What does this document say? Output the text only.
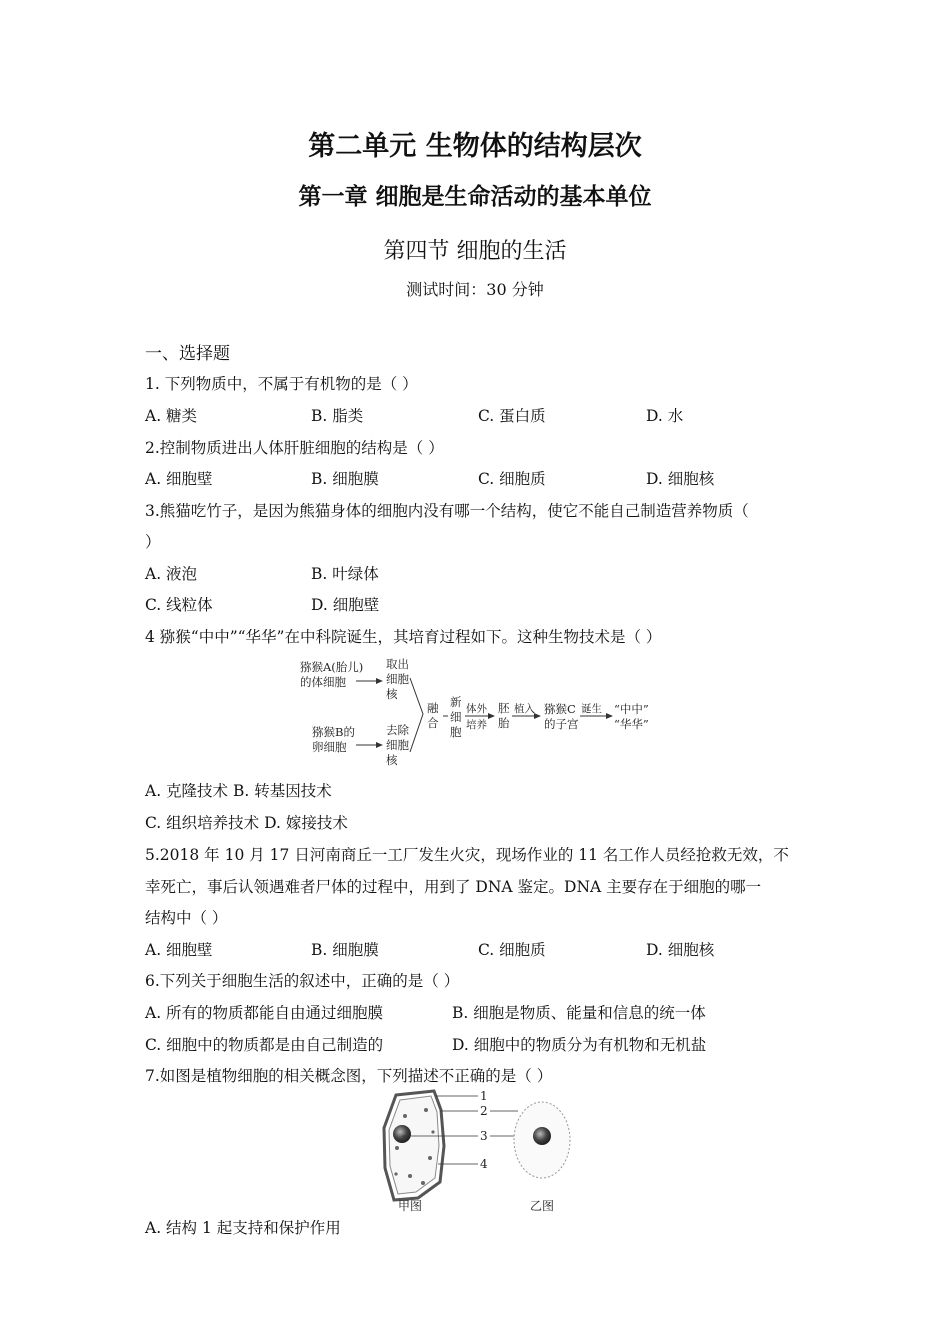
第二单元 生物体的结构层次
第一章 细胞是生命活动的基本单位
第四节 细胞的生活
测试时间：30 分钟
一、选择题
1. 下列物质中，不属于有机物的是（ ）
A. 糖类	B. 脂类	C. 蛋白质	D. 水
2.控制物质进出人体肝脏细胞的结构是（ ）
A. 细胞壁	B. 细胞膜	C. 细胞质	D. 细胞核
3.熊猫吃竹子，是因为熊猫身体的细胞内没有哪一个结构，使它不能自己制造营养物质（
）
A. 液泡	B. 叶绿体
C. 线粒体	D. 细胞壁
4 猕猴“中中”“华华”在中科院诞生，其培育过程如下。这种生物技术是（ ）
猕猴A(胎儿)
的体细胞
取出
细胞
核
猕猴B的
卵细胞
去除
细胞
核
融
合
新
细
胞
体外
培养
胚
胎
植入 猕猴C
的子宫
诞生 “中中”
“华华”
A. 克隆技术 B. 转基因技术
C. 组织培养技术 D. 嫁接技术
5.2018 年 10 月 17 日河南商丘一工厂发生火灾，现场作业的 11 名工作人员经抢救无效，不
幸死亡，事后认领遇难者尸体的过程中，用到了 DNA 鉴定。DNA 主要存在于细胞的哪一
结构中（ ）
A. 细胞壁	B. 细胞膜	C. 细胞质	D. 细胞核
6.下列关于细胞生活的叙述中，正确的是（ ）
A. 所有的物质都能自由通过细胞膜	B. 细胞是物质、能量和信息的统一体
C. 细胞中的物质都是由自己制造的	D. 细胞中的物质分为有机物和无机盐
7.如图是植物细胞的相关概念图，下列描述不正确的是（ ）
1
2
3
4
甲图	乙图
A. 结构 1 起支持和保护作用
